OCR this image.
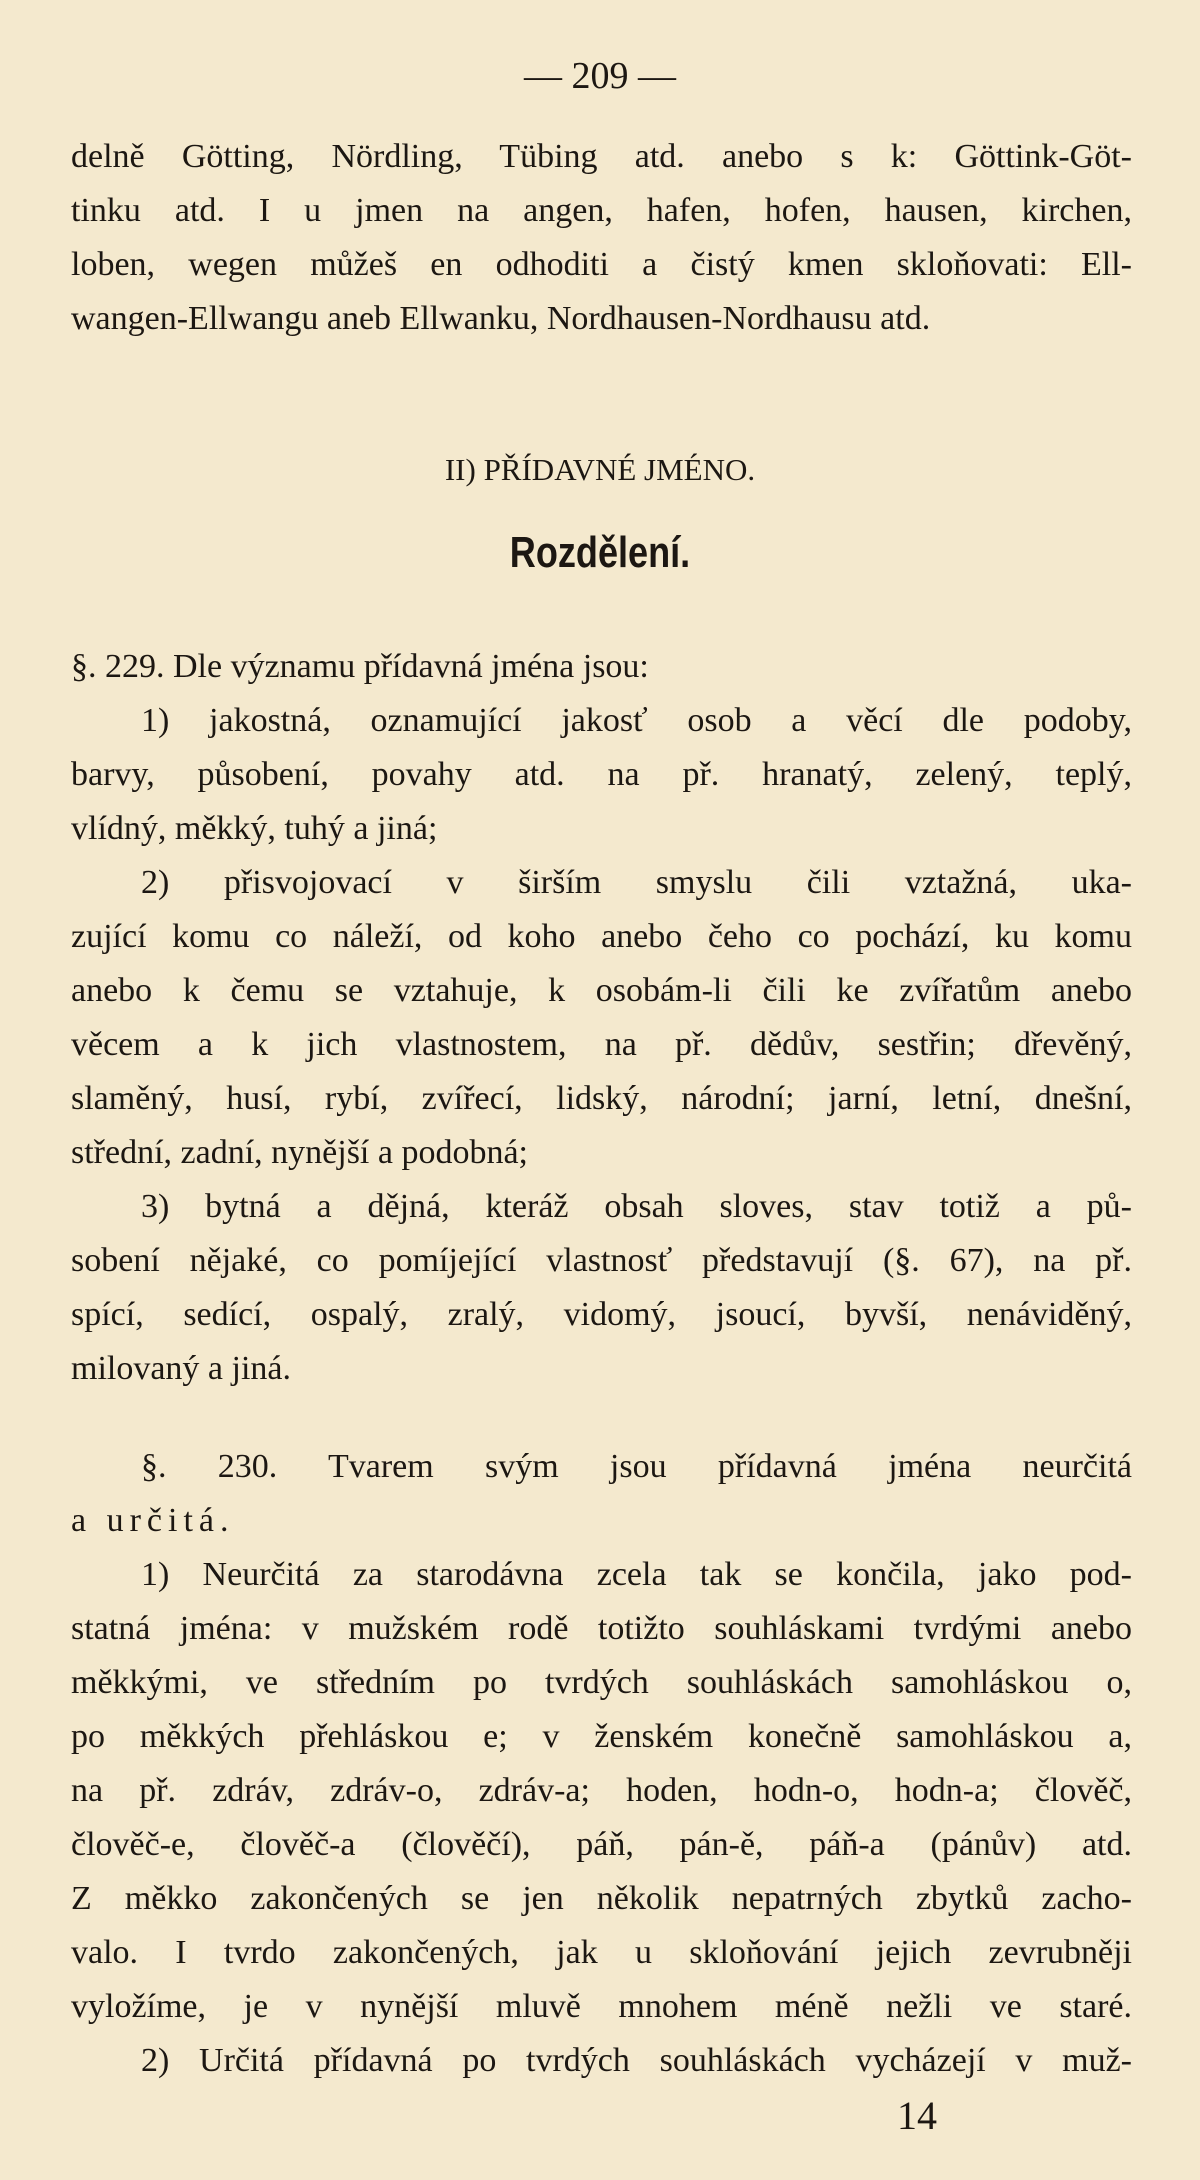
— 209 —
delně Götting, Nördling, Tübing atd. anebo s k: Göttink-Göt-
tinku atd. I u jmen na angen, hafen, hofen, hausen, kirchen,
loben, wegen můžeš en odhoditi a čistý kmen skloňovati: Ell-
wangen-Ellwangu aneb Ellwanku, Nordhausen-Nordhausu atd.
II) PŘÍDAVNÉ JMÉNO.
Rozdělení.
§. 229. Dle významu přídavná jména jsou:
1) jakostná, oznamující jakosť osob a věcí dle podoby,
barvy, působení, povahy atd. na př. hranatý, zelený, teplý,
vlídný, měkký, tuhý a jiná;
2) přisvojovací v širším smyslu čili vztažná, uka-
zující komu co náleží, od koho anebo čeho co pochází, ku komu
anebo k čemu se vztahuje, k osobám-li čili ke zvířatům anebo
věcem a k jich vlastnostem, na př. dědův, sestřin; dřevěný,
slaměný, husí, rybí, zvířecí, lidský, národní; jarní, letní, dnešní,
střední, zadní, nynější a podobná;
3) bytná a dějná, kteráž obsah sloves, stav totiž a pů-
sobení nějaké, co pomíjející vlastnosť představují (§. 67), na př.
spící, sedící, ospalý, zralý, vidomý, jsoucí, byvší, nenáviděný,
milovaný a jiná.
§. 230. Tvarem svým jsou přídavná jména neurčitá
a určitá.
1) Neurčitá za starodávna zcela tak se končila, jako pod-
statná jména: v mužském rodě totižto souhláskami tvrdými anebo
měkkými, ve středním po tvrdých souhláskách samohláskou o,
po měkkých přehláskou e; v ženském konečně samohláskou a,
na př. zdráv, zdráv-o, zdráv-a; hoden, hodn-o, hodn-a; člověč,
člověč-e, člověč-a (člověčí), páň, pán-ě, páň-a (pánův) atd.
Z měkko zakončených se jen několik nepatrných zbytků zacho-
valo. I tvrdo zakončených, jak u skloňování jejich zevrubněji
vyložíme, je v nynější mluvě mnohem méně nežli ve staré.
2) Určitá přídavná po tvrdých souhláskách vycházejí v muž-
14
